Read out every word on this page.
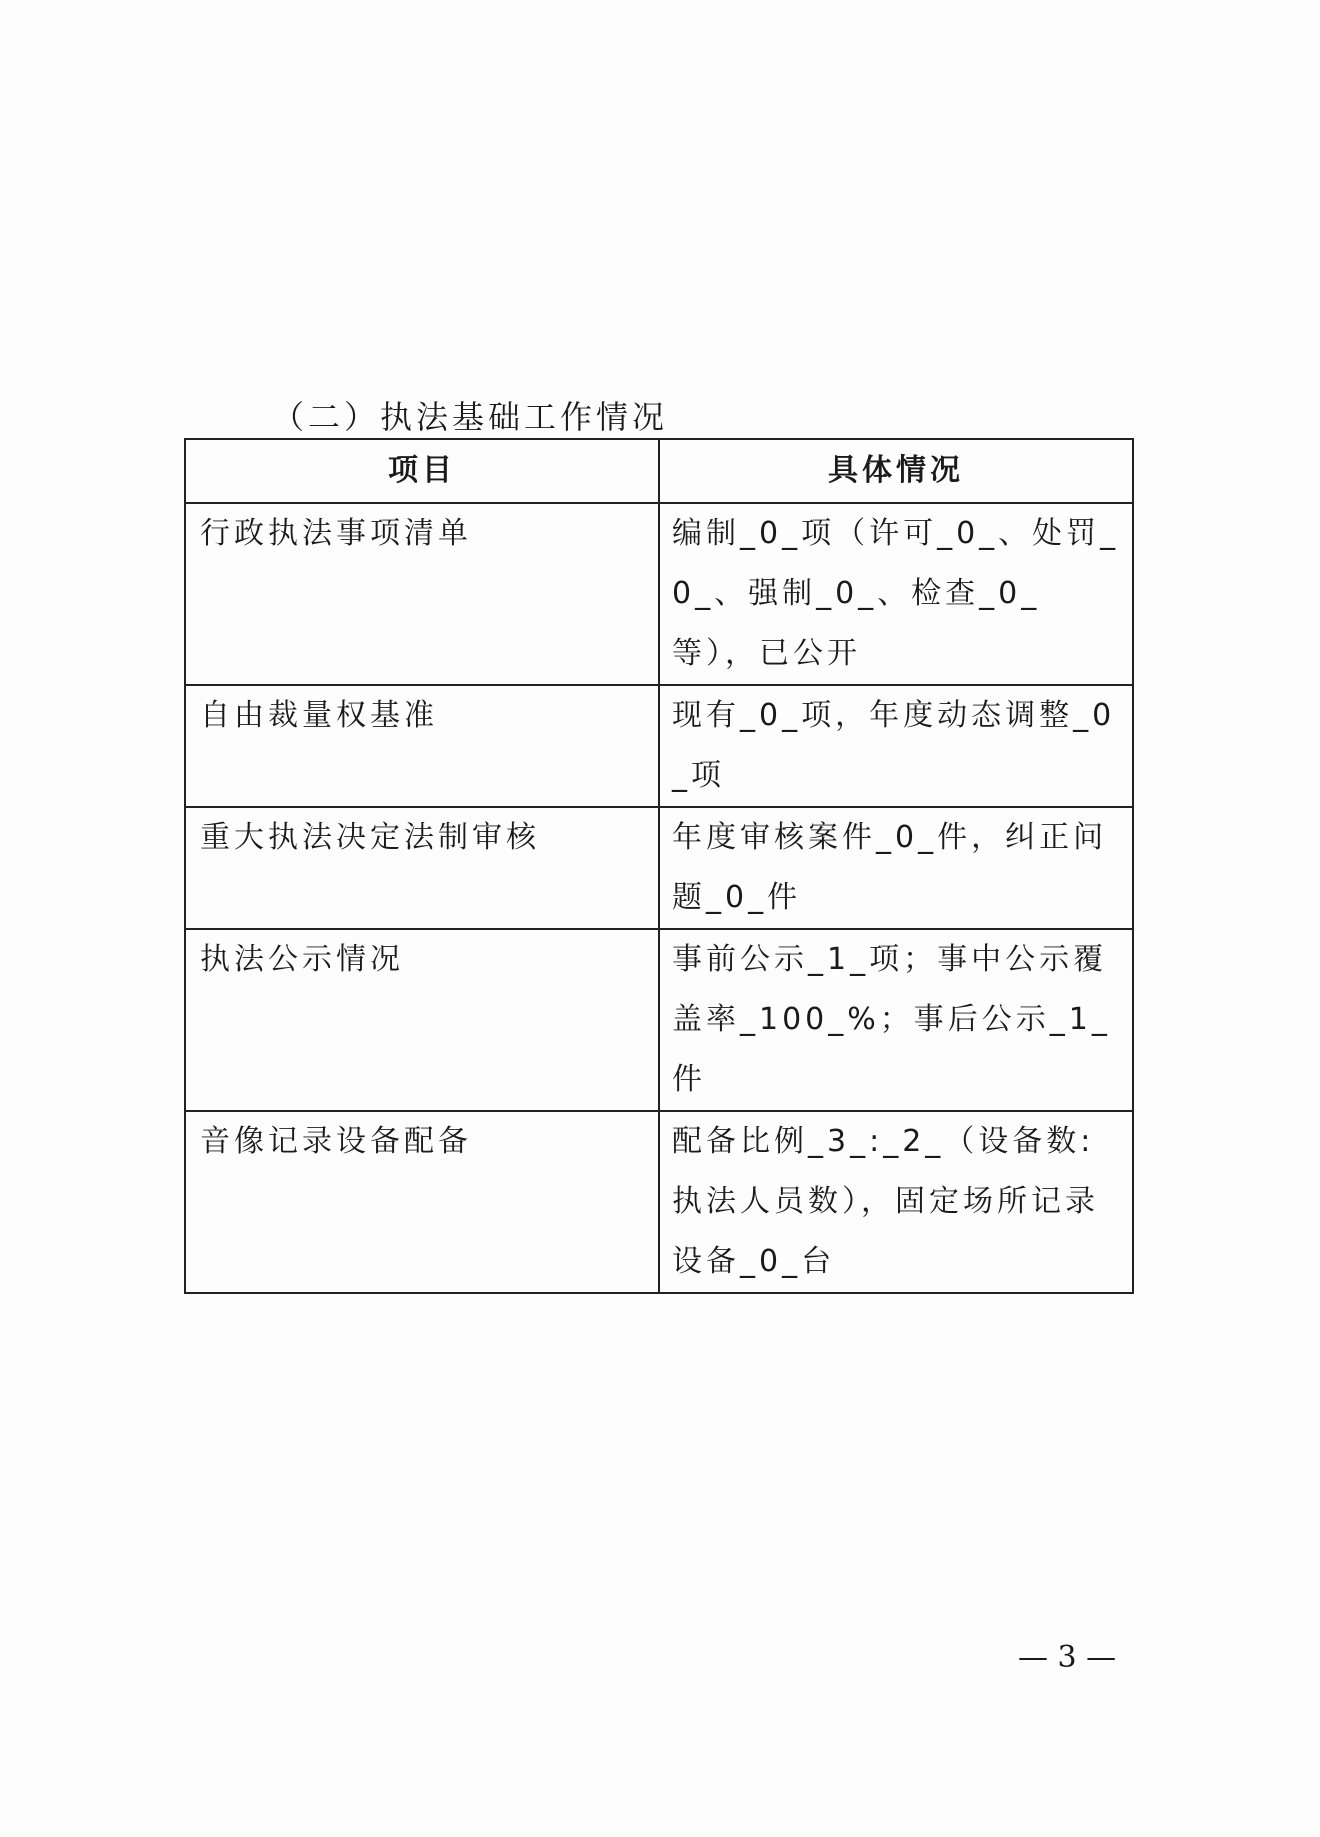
（二）执法基础工作情况
项目	具体情况
行政执法事项清单	编制_0_项（许可_0_、处罚_0_、强制_0_、检查_0_等），已公开
自由裁量权基准	现有_0_项，年度动态调整_0_项
重大执法决定法制审核	年度审核案件_0_件，纠正问题_0_件
执法公示情况	事前公示_1_项；事中公示覆盖率_100_%；事后公示_1_件
音像记录设备配备	配备比例_3_:_2_（设备数:执法人员数），固定场所记录设备_0_台
— 3 —
